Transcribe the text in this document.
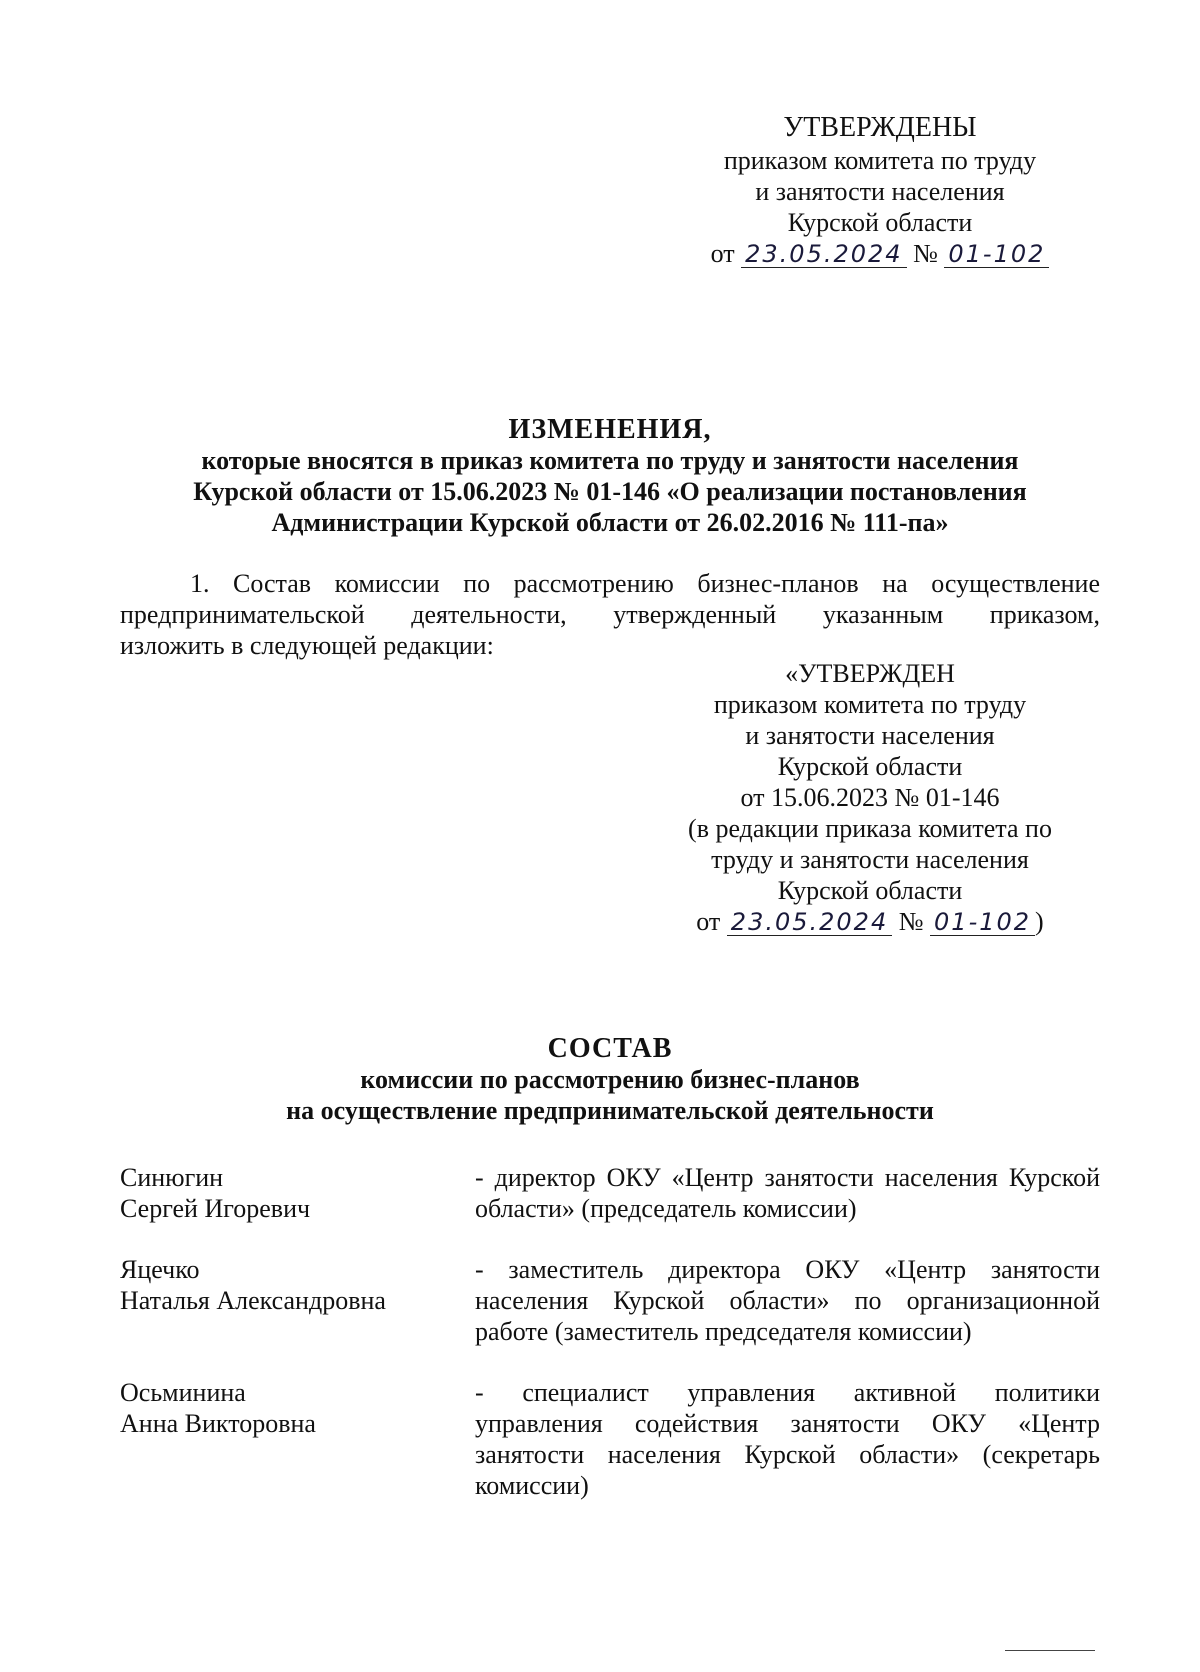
УТВЕРЖДЕНЫ
приказом комитета по труду
и занятости населения
Курской области
от 23.05.2024 № 01-102
ИЗМЕНЕНИЯ,
которые вносятся в приказ комитета по труду и занятости населения
Курской области от 15.06.2023 № 01-146 «О реализации постановления
Администрации Курской области от 26.02.2016 № 111-па»
1. Состав комиссии по рассмотрению бизнес-планов на осуществление
предпринимательской деятельности, утвержденный указанным приказом,
изложить в следующей редакции:
«УТВЕРЖДЕН
приказом комитета по труду
и занятости населения
Курской области
от 15.06.2023 № 01-146
(в редакции приказа комитета по
труду и занятости населения
Курской области
от 23.05.2024 № 01-102 )
СОСТАВ
комиссии по рассмотрению бизнес-планов
на осуществление предпринимательской деятельности
Синюгин
Сергей Игоревич
- директор ОКУ «Центр занятости населения Курской области» (председатель комиссии)
Яцечко
Наталья Александровна
- заместитель директора ОКУ «Центр занятости населения Курской области» по организационной работе (заместитель председателя комиссии)
Осьминина
Анна Викторовна
- специалист управления активной политики управления содействия занятости ОКУ «Центр занятости населения Курской области» (секретарь комиссии)
